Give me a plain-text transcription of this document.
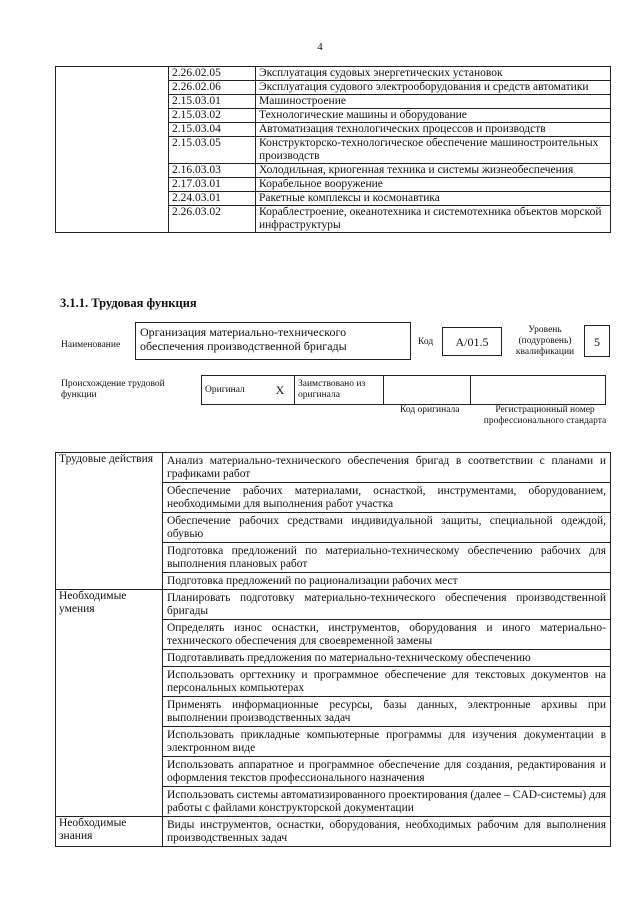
4
	2.26.02.05	Эксплуатация судовых энергетических установок
	2.26.02.06	Эксплуатация судового электрооборудования и средств автоматики
	2.15.03.01	Машиностроение
	2.15.03.02	Технологические машины и оборудование
	2.15.03.04	Автоматизация технологических процессов и производств
	2.15.03.05	Конструкторско-технологическое обеспечение машиностроительных производств
	2.16.03.03	Холодильная, криогенная техника и системы жизнеобеспечения
	2.17.03.01	Корабельное вооружение
	2.24.03.01	Ракетные комплексы и космонавтика
	2.26.03.02	Кораблестроение, океанотехника и системотехника объектов морской инфраструктуры
3.1.1. Трудовая функция
Наименование
Организация материально-технического обеспечения производственной бригады	Код	A/01.5
Уровень (подуровень) квалификации
5
Происхождение трудовой функции
Оригинал	X	Заимствовано из оригинала		
Код оригинала	Регистрационный номер профессионального стандарта
Трудовые действия	Анализ материально-технического обеспечения бригад в соответствии с планами и графиками работ
	Обеспечение рабочих материалами, оснасткой, инструментами, оборудованием, необходимыми для выполнения работ участка
	Обеспечение рабочих средствами индивидуальной защиты, специальной одеждой, обувью
	Подготовка предложений по материально-техническому обеспечению рабочих для выполнения плановых работ
	Подготовка предложений по рационализации рабочих мест
Необходимые умения	Планировать подготовку материально-технического обеспечения производственной бригады
	Определять износ оснастки, инструментов, оборудования и иного материально-технического обеспечения для своевременной замены
	Подготавливать предложения по материально-техническому обеспечению
	Использовать оргтехнику и программное обеспечение для текстовых документов на персональных компьютерах
	Применять информационные ресурсы, базы данных, электронные архивы при выполнении производственных задач
	Использовать прикладные компьютерные программы для изучения документации в электронном виде
	Использовать аппаратное и программное обеспечение для создания, редактирования и оформления текстов профессионального назначения
	Использовать системы автоматизированного проектирования (далее – CAD-системы) для работы с файлами конструкторской документации
Необходимые знания	Виды инструментов, оснастки, оборудования, необходимых рабочим для выполнения производственных задач
